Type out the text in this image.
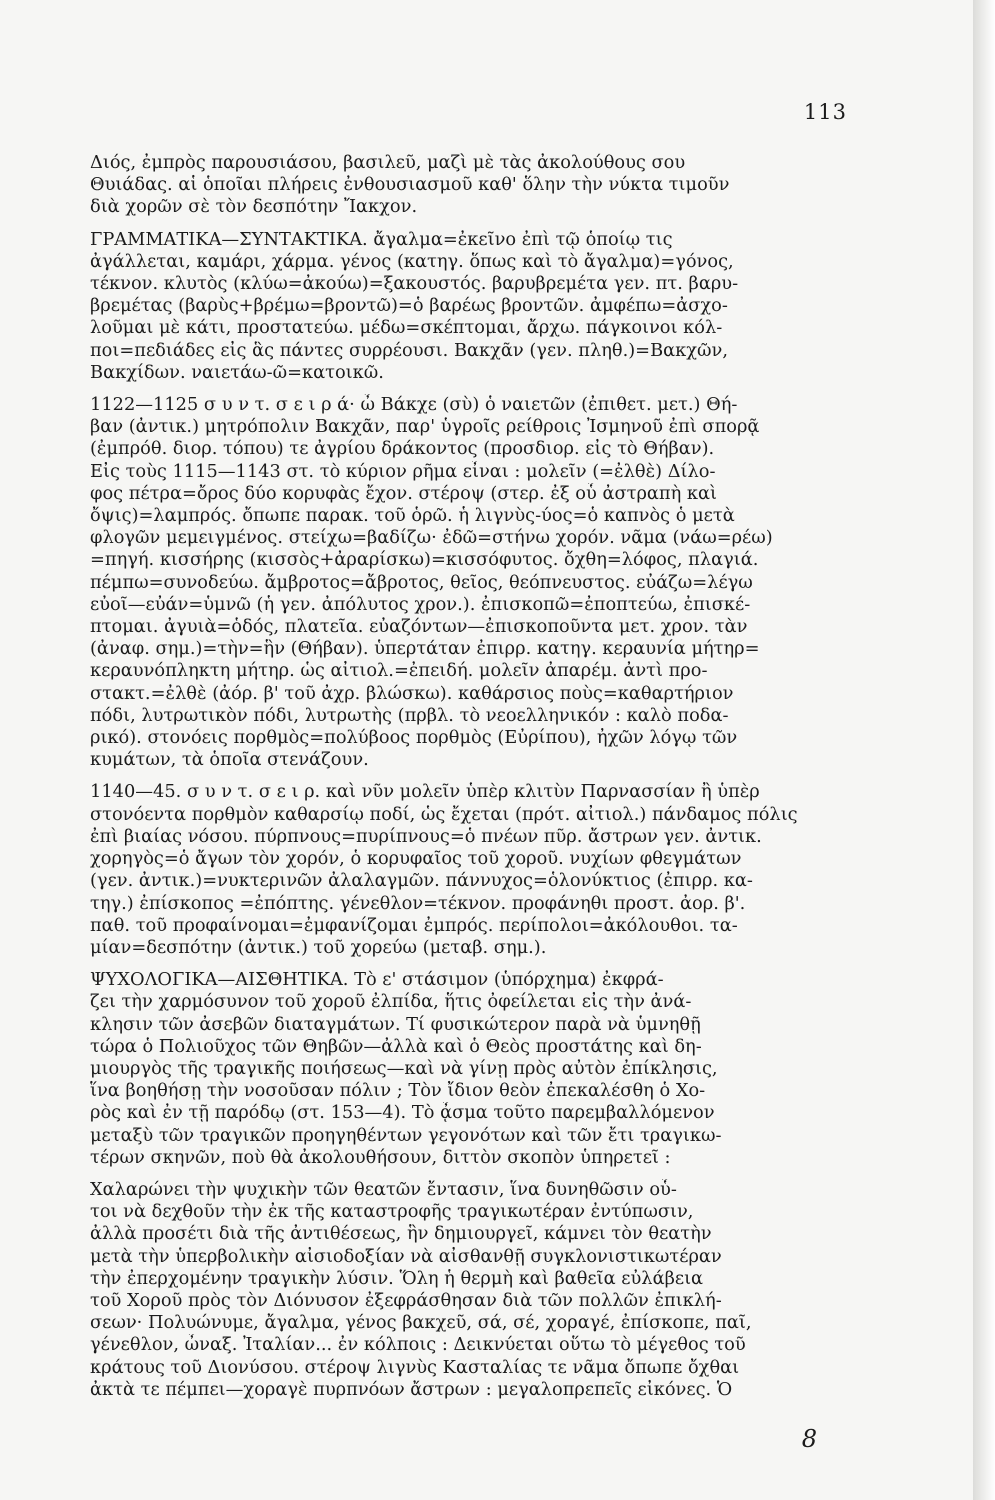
113

Διός, ἐμπρὸς παρουσιάσου, βασιλεῦ, μαζὶ μὲ τὰς ἀκολούθους σου
Θυιάδας. αἱ ὁποῖαι πλήρεις ἐνθουσιασμοῦ καθ' ὅλην τὴν νύκτα τιμοῦν
διὰ χορῶν σὲ τὸν δεσπότην Ἴακχον.

ΓΡΑΜΜΑΤΙΚΑ—ΣΥΝΤΑΚΤΙΚΑ. ἄγαλμα=ἐκεῖνο ἐπὶ τῷ ὁποίῳ τις
ἀγάλλεται, καμάρι, χάρμα. γένος (κατηγ. ὅπως καὶ τὸ ἄγαλμα)=γόνος,
τέκνον. κλυτὸς (κλύω=ἀκούω)=ξακουστός. βαρυβρεμέτα γεν. πτ. βαρυ-
βρεμέτας (βαρὺς+βρέμω=βροντῶ)=ὁ βαρέως βροντῶν. ἀμφέπω=ἀσχο-
λοῦμαι μὲ κάτι, προστατεύω. μέδω=σκέπτομαι, ἄρχω. πάγκοινοι κόλ-
ποι=πεδιάδες εἰς ἃς πάντες συρρέουσι. Βακχᾶν (γεν. πληθ.)=Βακχῶν,
Βακχίδων. ναιετάω-ῶ=κατοικῶ.

1122—1125 σ υ ν τ. σ ε ι ρ ά· ὦ Βάκχε (σὺ) ὁ ναιετῶν (ἐπιθετ. μετ.) Θή-
βαν (ἀντικ.) μητρόπολιν Βακχᾶν, παρ' ὑγροῖς ρείθροις Ἰσμηνοῦ ἐπὶ σπορᾷ
(ἐμπρόθ. διορ. τόπου) τε ἀγρίου δράκοντος (προσδιορ. εἰς τὸ Θήβαν).
Εἰς τοὺς 1115—1143 στ. τὸ κύριον ρῆμα εἶναι : μολεῖν (=ἐλθὲ) Δίλο-
φος πέτρα=ὄρος δύο κορυφὰς ἔχον. στέροψ (στερ. ἐξ οὗ ἀστραπὴ καὶ
ὄψις)=λαμπρός. ὄπωπε παρακ. τοῦ ὁρῶ. ἡ λιγνὺς-ύος=ὁ καπνὸς ὁ μετὰ
φλογῶν μεμειγμένος. στείχω=βαδίζω· ἐδῶ=στήνω χορόν. νᾶμα (νάω=ρέω)
=πηγή. κισσήρης (κισσὸς+ἀραρίσκω)=κισσόφυτος. ὄχθη=λόφος, πλαγιά.
πέμπω=συνοδεύω. ἄμβροτος=ἄβροτος, θεῖος, θεόπνευστος. εὐάζω=λέγω
εὐοῖ—εὐάν=ὑμνῶ (ἡ γεν. ἀπόλυτος χρον.). ἐπισκοπῶ=ἐποπτεύω, ἐπισκέ-
πτομαι. ἀγυιὰ=ὁδός, πλατεῖα. εὐαζόντων—ἐπισκοποῦντα μετ. χρον. τὰν
(ἀναφ. σημ.)=τὴν=ἣν (Θήβαν). ὑπερτάταν ἐπιρρ. κατηγ. κεραυνία μήτηρ=
κεραυνόπληκτη μήτηρ. ὡς αἰτιολ.=ἐπειδή. μολεῖν ἀπαρέμ. ἀντὶ προ-
στακτ.=ἐλθὲ (ἀόρ. β' τοῦ ἀχρ. βλώσκω). καθάρσιος ποὺς=καθαρτήριον
πόδι, λυτρωτικὸν πόδι, λυτρωτὴς (πρβλ. τὸ νεοελληνικόν : καλὸ ποδα-
ρικό). στονόεις πορθμὸς=πολύβοος πορθμὸς (Εὐρίπου), ἠχῶν λόγῳ τῶν
κυμάτων, τὰ ὁποῖα στενάζουν.

1140—45. σ υ ν τ. σ ε ι ρ. καὶ νῦν μολεῖν ὑπὲρ κλιτὺν Παρνασσίαν ἢ ὑπὲρ
στονόεντα πορθμὸν καθαρσίῳ ποδί, ὡς ἔχεται (πρότ. αἰτιολ.) πάνδαμος πόλις
ἐπὶ βιαίας νόσου. πύρπνους=πυρίπνους=ὁ πνέων πῦρ. ἄστρων γεν. ἀντικ.
χορηγὸς=ὁ ἄγων τὸν χορόν, ὁ κορυφαῖος τοῦ χοροῦ. νυχίων φθεγμάτων
(γεν. ἀντικ.)=νυκτερινῶν ἀλαλαγμῶν. πάννυχος=ὁλονύκτιος (ἐπιρρ. κα-
τηγ.) ἐπίσκοπος =ἐπόπτης. γένεθλον=τέκνον. προφάνηθι προστ. ἀορ. β'.
παθ. τοῦ προφαίνομαι=ἐμφανίζομαι ἐμπρός. περίπολοι=ἀκόλουθοι. τα-
μίαν=δεσπότην (ἀντικ.) τοῦ χορεύω (μεταβ. σημ.).

ΨΥΧΟΛΟΓΙΚΑ—ΑΙΣΘΗΤΙΚΑ. Τὸ ε' στάσιμον (ὑπόρχημα) ἐκφρά-
ζει τὴν χαρμόσυνον τοῦ χοροῦ ἐλπίδα, ἥτις ὀφείλεται εἰς τὴν ἀνά-
κλησιν τῶν ἀσεβῶν διαταγμάτων. Τί φυσικώτερον παρὰ νὰ ὑμνηθῇ
τώρα ὁ Πολιοῦχος τῶν Θηβῶν—ἀλλὰ καὶ ὁ Θεὸς προστάτης καὶ δη-
μιουργὸς τῆς τραγικῆς ποιήσεως—καὶ νὰ γίνῃ πρὸς αὐτὸν ἐπίκλησις,
ἵνα βοηθήσῃ τὴν νοσοῦσαν πόλιν ; Τὸν ἴδιον θεὸν ἐπεκαλέσθη ὁ Χο-
ρὸς καὶ ἐν τῇ παρόδῳ (στ. 153—4). Τὸ ᾆσμα τοῦτο παρεμβαλλόμενον
μεταξὺ τῶν τραγικῶν προηγηθέντων γεγονότων καὶ τῶν ἔτι τραγικω-
τέρων σκηνῶν, ποὺ θὰ ἀκολουθήσουν, διττὸν σκοπὸν ὑπηρετεῖ :

Χαλαρώνει τὴν ψυχικὴν τῶν θεατῶν ἔντασιν, ἵνα δυνηθῶσιν οὗ-
τοι νὰ δεχθοῦν τὴν ἐκ τῆς καταστροφῆς τραγικωτέραν ἐντύπωσιν,
ἀλλὰ προσέτι διὰ τῆς ἀντιθέσεως, ἣν δημιουργεῖ, κάμνει τὸν θεατὴν
μετὰ τὴν ὑπερβολικὴν αἰσιοδοξίαν νὰ αἰσθανθῇ συγκλονιστικωτέραν
τὴν ἐπερχομένην τραγικὴν λύσιν. Ὅλη ἡ θερμὴ καὶ βαθεῖα εὐλάβεια
τοῦ Χοροῦ πρὸς τὸν Διόνυσον ἐξεφράσθησαν διὰ τῶν πολλῶν ἐπικλή-
σεων· Πολυώνυμε, ἄγαλμα, γένος βακχεῦ, σά, σέ, χοραγέ, ἐπίσκοπε, παῖ,
γένεθλον, ὦναξ. Ἰταλίαν... ἐν κόλποις : Δεικνύεται οὕτω τὸ μέγεθος τοῦ
κράτους τοῦ Διονύσου. στέροψ λιγνὺς Κασταλίας τε νᾶμα ὄπωπε ὄχθαι
ἀκτὰ τε πέμπει—χοραγὲ πυρπνόων ἄστρων : μεγαλοπρεπεῖς εἰκόνες. Ὁ

8
